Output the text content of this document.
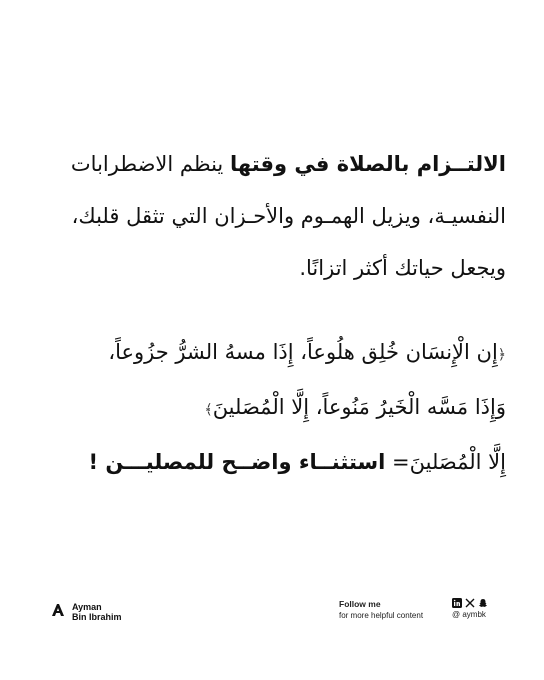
الالتــزام بالصلاة في وقتها ينظم الاضطرابات النفسيـة، ويزيل الهمـوم والأحـزان التي تثقل قلبك، ويجعل حياتك أكثر اتزانًا.
﴿إِن الْإِنسَان خُلِق هلُوعاً، إِذَا مسهُ الشرُّ جزُوعاً،
وَإِذَا مَسَّه الْخَيرُ مَنُوعاً، إِلَّا الْمُصَلينَ﴾
إِلَّا الْمُصَلينَ= استثنــاء واضــح للمصليـــن !
Ayman
Bin Ibrahim
Follow me
for more helpful content	@ aymbk
